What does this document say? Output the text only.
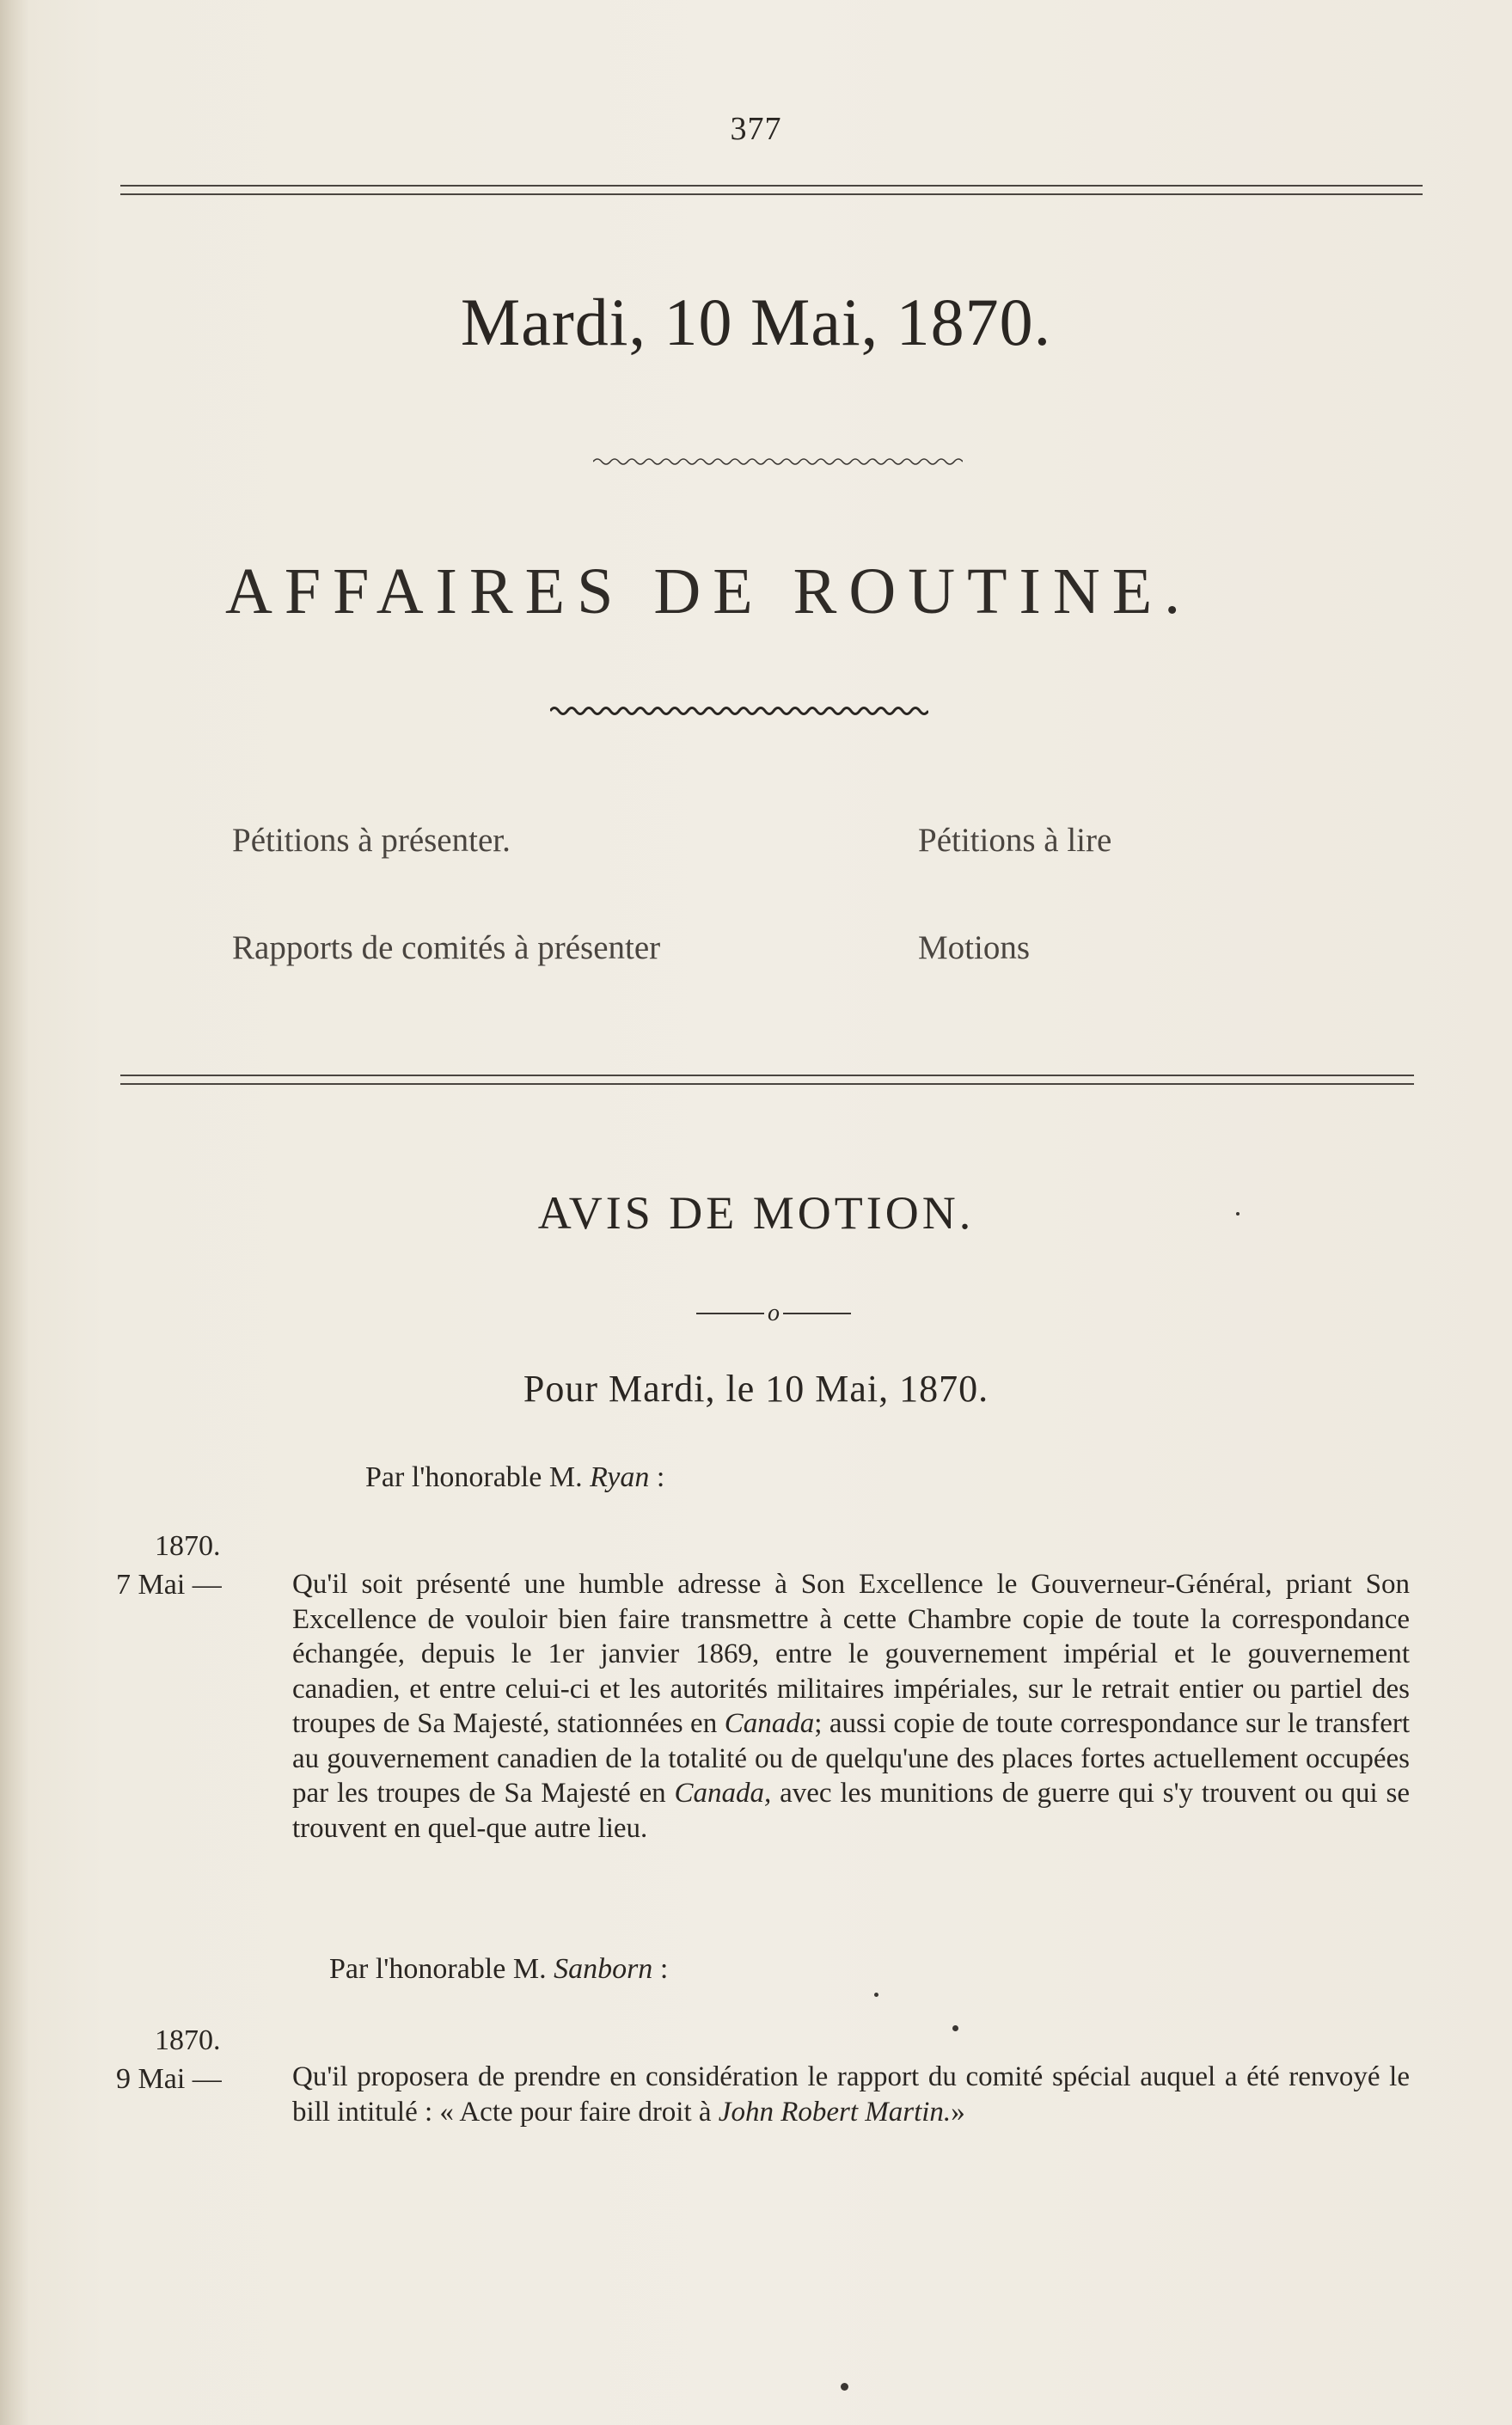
377
Mardi, 10 Mai, 1870.
AFFAIRES DE ROUTINE.
Pétitions à présenter.	Pétitions à lire
Rapports de comités à présenter	Motions
AVIS DE MOTION.
o
Pour Mardi, le 10 Mai, 1870.
Par l'honorable M. Ryan :
1870.
7 Mai — Qu'il soit présenté une humble adresse à Son Excellence le Gouverneur-Général, priant Son Excellence de vouloir bien faire transmettre à cette Chambre copie de toute la correspondance échangée, depuis le 1er janvier 1869, entre le gouvernement impérial et le gouvernement canadien, et entre celui-ci et les autorités militaires impériales, sur le retrait entier ou partiel des troupes de Sa Majesté, stationnées en Canada; aussi copie de toute correspondance sur le transfert au gouvernement canadien de la totalité ou de quelqu'une des places fortes actuellement occupées par les troupes de Sa Majesté en Canada, avec les munitions de guerre qui s'y trouvent ou qui se trouvent en quel-que autre lieu.
Par l'honorable M. Sanborn :
1870.
9 Mai — Qu'il proposera de prendre en considération le rapport du comité spécial auquel a été renvoyé le bill intitulé : « Acte pour faire droit à John Robert Martin.»
